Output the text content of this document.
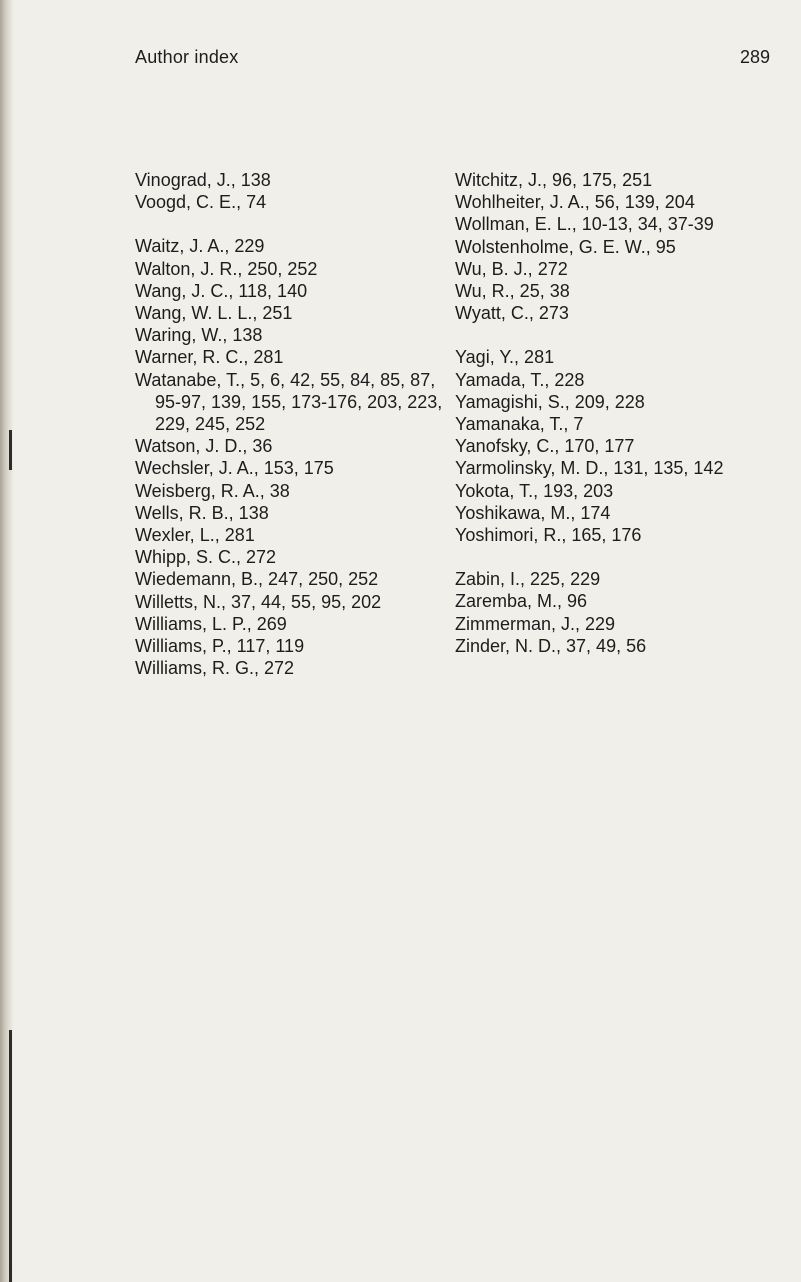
Author index	289
Vinograd, J., 138
Voogd, C. E., 74
Waitz, J. A., 229
Walton, J. R., 250, 252
Wang, J. C., 118, 140
Wang, W. L. L., 251
Waring, W., 138
Warner, R. C., 281
Watanabe, T., 5, 6, 42, 55, 84, 85, 87, 95-97, 139, 155, 173-176, 203, 223, 229, 245, 252
Watson, J. D., 36
Wechsler, J. A., 153, 175
Weisberg, R. A., 38
Wells, R. B., 138
Wexler, L., 281
Whipp, S. C., 272
Wiedemann, B., 247, 250, 252
Willetts, N., 37, 44, 55, 95, 202
Williams, L. P., 269
Williams, P., 117, 119
Williams, R. G., 272
Witchitz, J., 96, 175, 251
Wohlheiter, J. A., 56, 139, 204
Wollman, E. L., 10-13, 34, 37-39
Wolstenholme, G. E. W., 95
Wu, B. J., 272
Wu, R., 25, 38
Wyatt, C., 273
Yagi, Y., 281
Yamada, T., 228
Yamagishi, S., 209, 228
Yamanaka, T., 7
Yanofsky, C., 170, 177
Yarmolinsky, M. D., 131, 135, 142
Yokota, T., 193, 203
Yoshikawa, M., 174
Yoshimori, R., 165, 176
Zabin, I., 225, 229
Zaremba, M., 96
Zimmerman, J., 229
Zinder, N. D., 37, 49, 56
